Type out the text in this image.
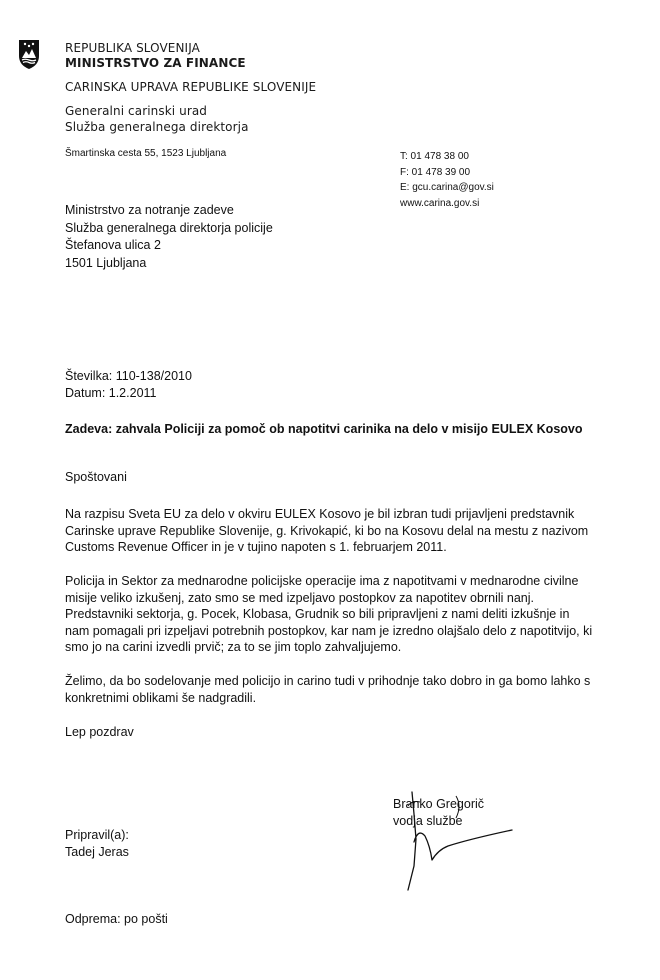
REPUBLIKA SLOVENIJA
MINISTRSTVO ZA FINANCE
CARINSKA UPRAVA REPUBLIKE SLOVENIJE
Generalni carinski urad
Služba generalnega direktorja
Šmartinska cesta 55, 1523 Ljubljana	T: 01 478 38 00
F: 01 478 39 00
E: gcu.carina@gov.si
www.carina.gov.si
Ministrstvo za notranje zadeve
Služba generalnega direktorja policije
Štefanova ulica 2
1501 Ljubljana
Številka: 110-138/2010
Datum: 1.2.2011
Zadeva: zahvala Policiji za pomoč ob napotitvi carinika na delo v misijo EULEX Kosovo
Spoštovani
Na razpisu Sveta EU za delo v okviru EULEX Kosovo je bil izbran tudi prijavljeni predstavnik
Carinske uprave Republike Slovenije, g. Krivokapić, ki bo na Kosovu delal na mestu z nazivom
Customs Revenue Officer in je v tujino napoten s 1. februarjem 2011.
Policija in Sektor za mednarodne policijske operacije ima z napotitvami v mednarodne civilne
misije veliko izkušenj, zato smo se med izpeljavo postopkov za napotitev obrnili nanj.
Predstavniki sektorja, g. Pocek, Klobasa, Grudnik so bili pripravljeni z nami deliti izkušnje in
nam pomagali pri izpeljavi potrebnih postopkov, kar nam je izredno olajšalo delo z napotitvijo, ki
smo jo na carini izvedli prvič; za to se jim toplo zahvaljujemo.
Želimo, da bo sodelovanje med policijo in carino tudi v prihodnje tako dobro in ga bomo lahko s
konkretnimi oblikami še nadgradili.
Lep pozdrav
Branko Gregorič
vodja službe
Pripravil(a):
Tadej Jeras
Odprema: po pošti
